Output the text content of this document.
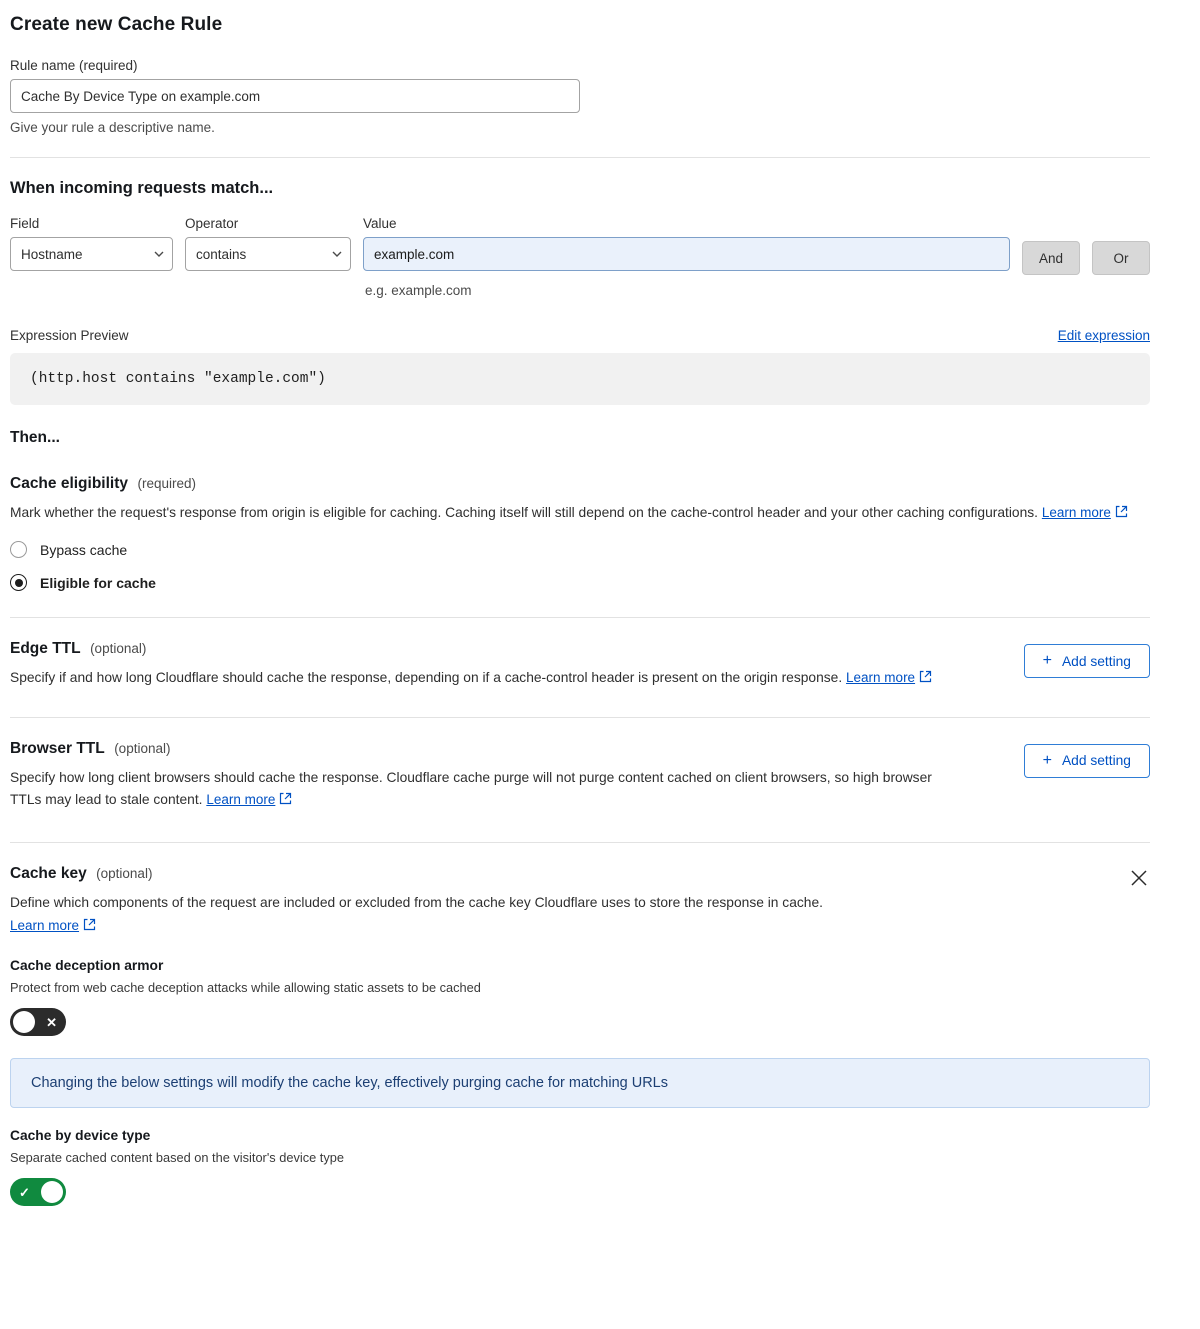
Create new Cache Rule
Rule name (required)
Cache By Device Type on example.com
Give your rule a descriptive name.
When incoming requests match...
Field
Hostname	Operator
contains	Value
example.com
And	Or
e.g. example.com
Expression Preview	Edit expression
(http.host contains "example.com")
Then...
Cache eligibility (required)
Mark whether the request's response from origin is eligible for caching. Caching itself will still depend on the cache-control header and your other caching configurations. Learn more
Bypass cache
Eligible for cache
Edge TTL (optional)
Specify if and how long Cloudflare should cache the response, depending on if a cache-control header is present on the origin response. Learn more
+ Add setting
Browser TTL (optional)
Specify how long client browsers should cache the response. Cloudflare cache purge will not purge content cached on client browsers, so high browser TTLs may lead to stale content. Learn more
+ Add setting
Cache key (optional)
Define which components of the request are included or excluded from the cache key Cloudflare uses to store the response in cache.
Learn more
Cache deception armor
Protect from web cache deception attacks while allowing static assets to be cached
✕
Changing the below settings will modify the cache key, effectively purging cache for matching URLs
Cache by device type
Separate cached content based on the visitor's device type
✓
